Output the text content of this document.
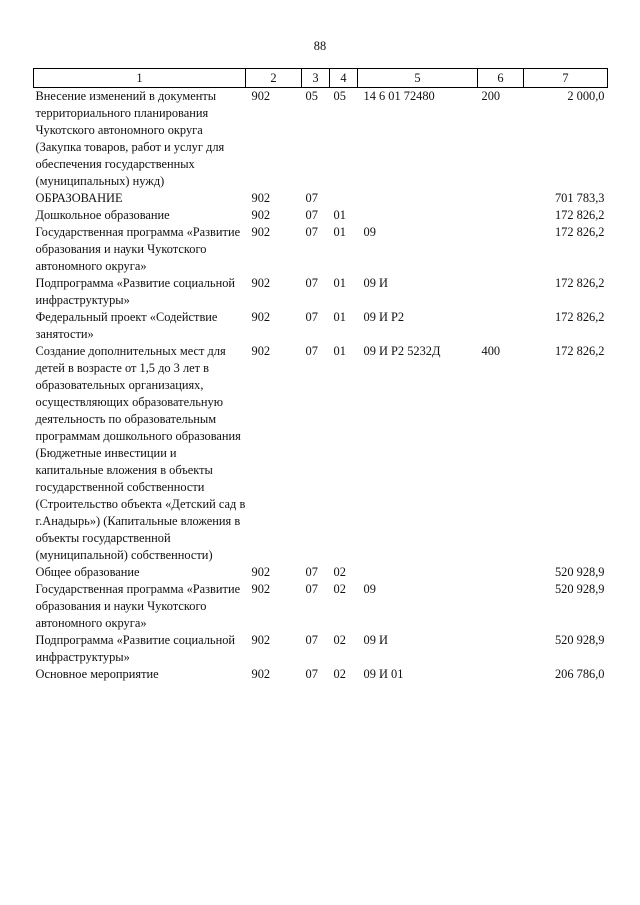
88
1	2	3	4	5	6	7
Внесение изменений в документы территориального планирования Чукотского автономного округа (Закупка товаров, работ и услуг для обеспечения государственных (муниципальных) нужд)	902	05	05	14 6 01 72480	200	2 000,0
ОБРАЗОВАНИЕ	902	07				701 783,3
Дошкольное образование	902	07	01			172 826,2
Государственная программа «Развитие образования и науки Чукотского автономного округа»	902	07	01	09		172 826,2
Подпрограмма «Развитие социальной инфраструктуры»	902	07	01	09 И		172 826,2
Федеральный проект «Содействие занятости»	902	07	01	09 И Р2		172 826,2
Создание дополнительных мест для детей в возрасте от 1,5 до 3 лет в образовательных организациях, осуществляющих образовательную деятельность по образовательным программам дошкольного образования (Бюджетные инвестиции и капитальные вложения в объекты государственной собственности (Строительство объекта «Детский сад в г.Анадырь») (Капитальные вложения в объекты государственной (муниципальной) собственности)	902	07	01	09 И Р2 5232Д	400	172 826,2
Общее образование	902	07	02			520 928,9
Государственная программа «Развитие образования и науки Чукотского автономного округа»	902	07	02	09		520 928,9
Подпрограмма «Развитие социальной инфраструктуры»	902	07	02	09 И		520 928,9
Основное мероприятие	902	07	02	09 И 01		206 786,0
